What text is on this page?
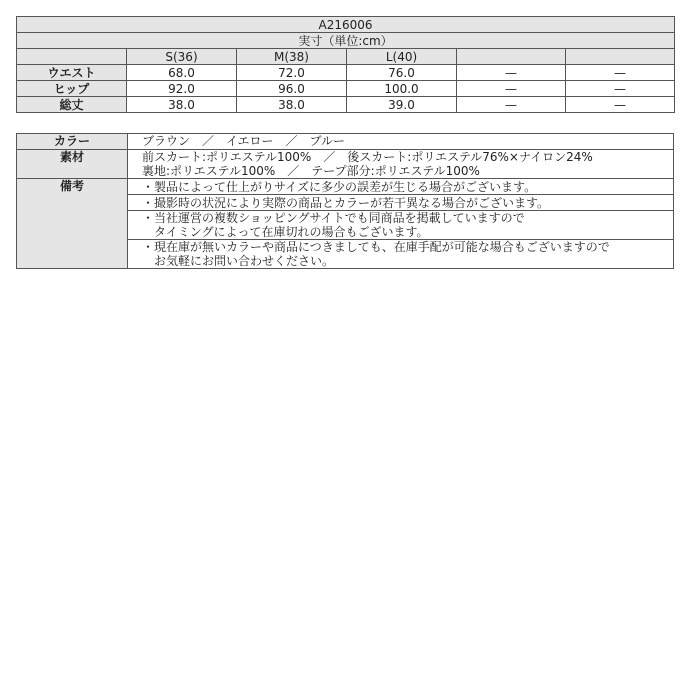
A216006					
実寸（単位:cm）					
	S(36)	M(38)	L(40)		
ウエスト	68.0	72.0	76.0	—	—
ヒップ	92.0	96.0	100.0	—	—
総丈	38.0	38.0	39.0	—	—
カラー	ブラウン　／　イエロー　／　ブルー
素材	前スカート:ポリエステル100%　／　後スカート:ポリエステル76%×ナイロン24%
裏地:ポリエステル100%　／　テープ部分:ポリエステル100%

備考	・製品によって仕上がりサイズに多少の誤差が生じる場合がございます。

	・撮影時の状況により実際の商品とカラーが若干異なる場合がございます。

	・当社運営の複数ショッピングサイトでも同商品を掲載していますので
　タイミングによって在庫切れの場合もございます。

	・現在庫が無いカラーや商品につきましても、在庫手配が可能な場合もございますので
　お気軽にお問い合わせください。
